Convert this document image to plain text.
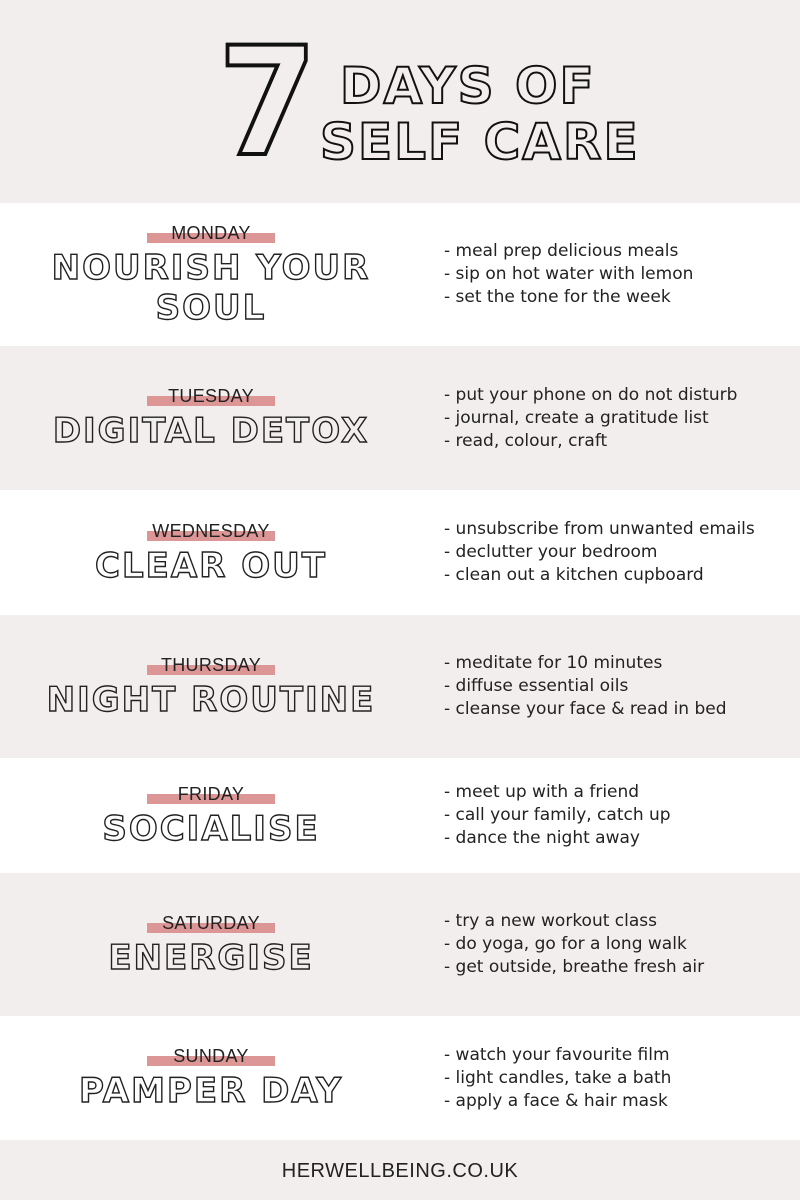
7 DAYS OF
SELF CARE
MONDAY
NOURISH YOUR
SOUL
- meal prep delicious meals
- sip on hot water with lemon
- set the tone for the week
TUESDAY
DIGITAL DETOX
- put your phone on do not disturb
- journal, create a gratitude list
- read, colour, craft
WEDNESDAY
CLEAR OUT
- unsubscribe from unwanted emails
- declutter your bedroom
- clean out a kitchen cupboard
THURSDAY
NIGHT ROUTINE
- meditate for 10 minutes
- diffuse essential oils
- cleanse your face & read in bed
FRIDAY
SOCIALISE
- meet up with a friend
- call your family, catch up
- dance the night away
SATURDAY
ENERGISE
- try a new workout class
- do yoga, go for a long walk
- get outside, breathe fresh air
SUNDAY
PAMPER DAY
- watch your favourite film
- light candles, take a bath
- apply a face & hair mask
HERWELLBEING.CO.UK
